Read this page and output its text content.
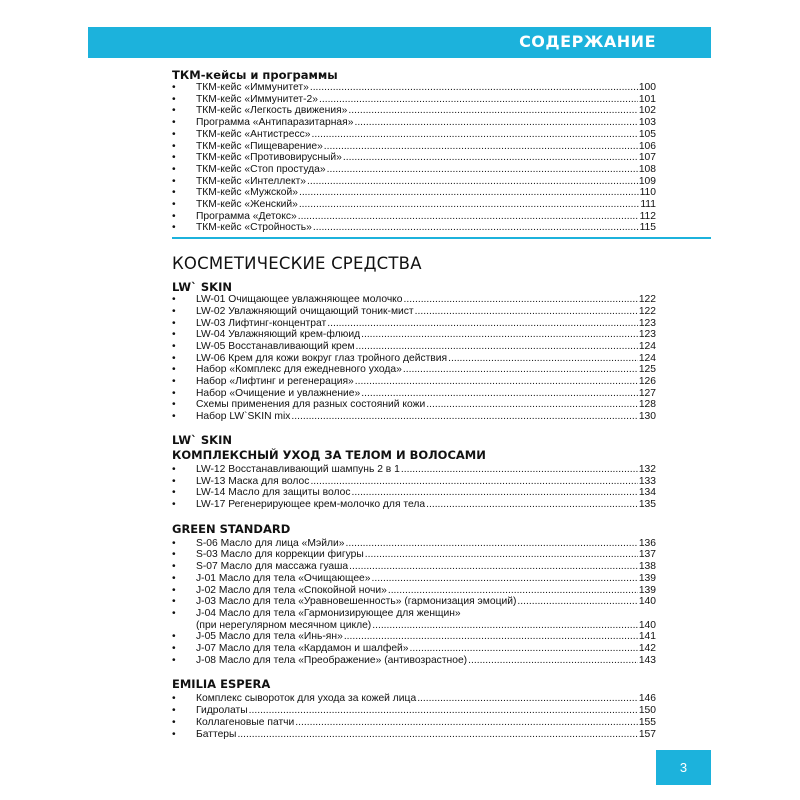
СОДЕРЖАНИЕ
ТКМ-кейсы и программы
• ТКМ-кейс «Иммунитет» .....	100
• ТКМ-кейс «Иммунитет-2» .....	101
• ТКМ-кейс «Легкость движения» .....	102
• Программа «Антипаразитарная» .....	103
• ТКМ-кейс «Антистресс» .....	105
• ТКМ-кейс «Пищеварение» .....	106
• ТКМ-кейс «Противовирусный» .....	107
• ТКМ-кейс «Стоп простуда» .....	108
• ТКМ-кейс «Интеллект» .....	109
• ТКМ-кейс «Мужской» .....	110
• ТКМ-кейс «Женский» .....	111
• Программа «Детокс» .....	112
• ТКМ-кейс «Стройность» .....	115
КОСМЕТИЧЕСКИЕ СРЕДСТВА
LW` SKIN
• LW-01 Очищающее увлажняющее молочко .....	122
• LW-02 Увлажняющий очищающий тоник-мист .....	122
• LW-03 Лифтинг-концентрат .....	123
• LW-04 Увлажняющий крем-флюид .....	123
• LW-05 Восстанавливающий крем .....	124
• LW-06 Крем для кожи вокруг глаз тройного действия .....	124
• Набор «Комплекс для ежедневного ухода» .....	125
• Набор «Лифтинг и регенерация» .....	126
• Набор «Очищение и увлажнение» .....	127
• Схемы применения для разных состояний кожи .....	128
• Набор LW`SKIN mix .....	130
LW` SKIN
КОМПЛЕКСНЫЙ УХОД ЗА ТЕЛОМ И ВОЛОСАМИ
• LW-12 Восстанавливающий шампунь 2 в 1 .....	132
• LW-13 Маска для волос .....	133
• LW-14 Масло для защиты волос .....	134
• LW-17 Регенерирующее крем-молочко для тела .....	135
GREEN STANDARD
• S-06 Масло для лица «Мэйли» .....	136
• S-03 Масло для коррекции фигуры .....	137
• S-07 Масло для массажа гуаша .....	138
• J-01 Масло для тела «Очищающее» .....	139
• J-02 Масло для тела «Спокойной ночи» .....	139
• J-03 Масло для тела «Уравновешенность» (гармонизация эмоций) .....	140
• J-04 Масло для тела «Гармонизирующее для женщин»
(при нерегулярном месячном цикле) .....	140
• J-05 Масло для тела «Инь-ян» .....	141
• J-07 Масло для тела «Кардамон и шалфей» .....	142
• J-08 Масло для тела «Преображение» (антивозрастное) .....	143
EMILIA ESPERA
• Комплекс сывороток для ухода за кожей лица .....	146
• Гидролаты .....	150
• Коллагеновые патчи .....	155
• Баттеры .....	157
3
